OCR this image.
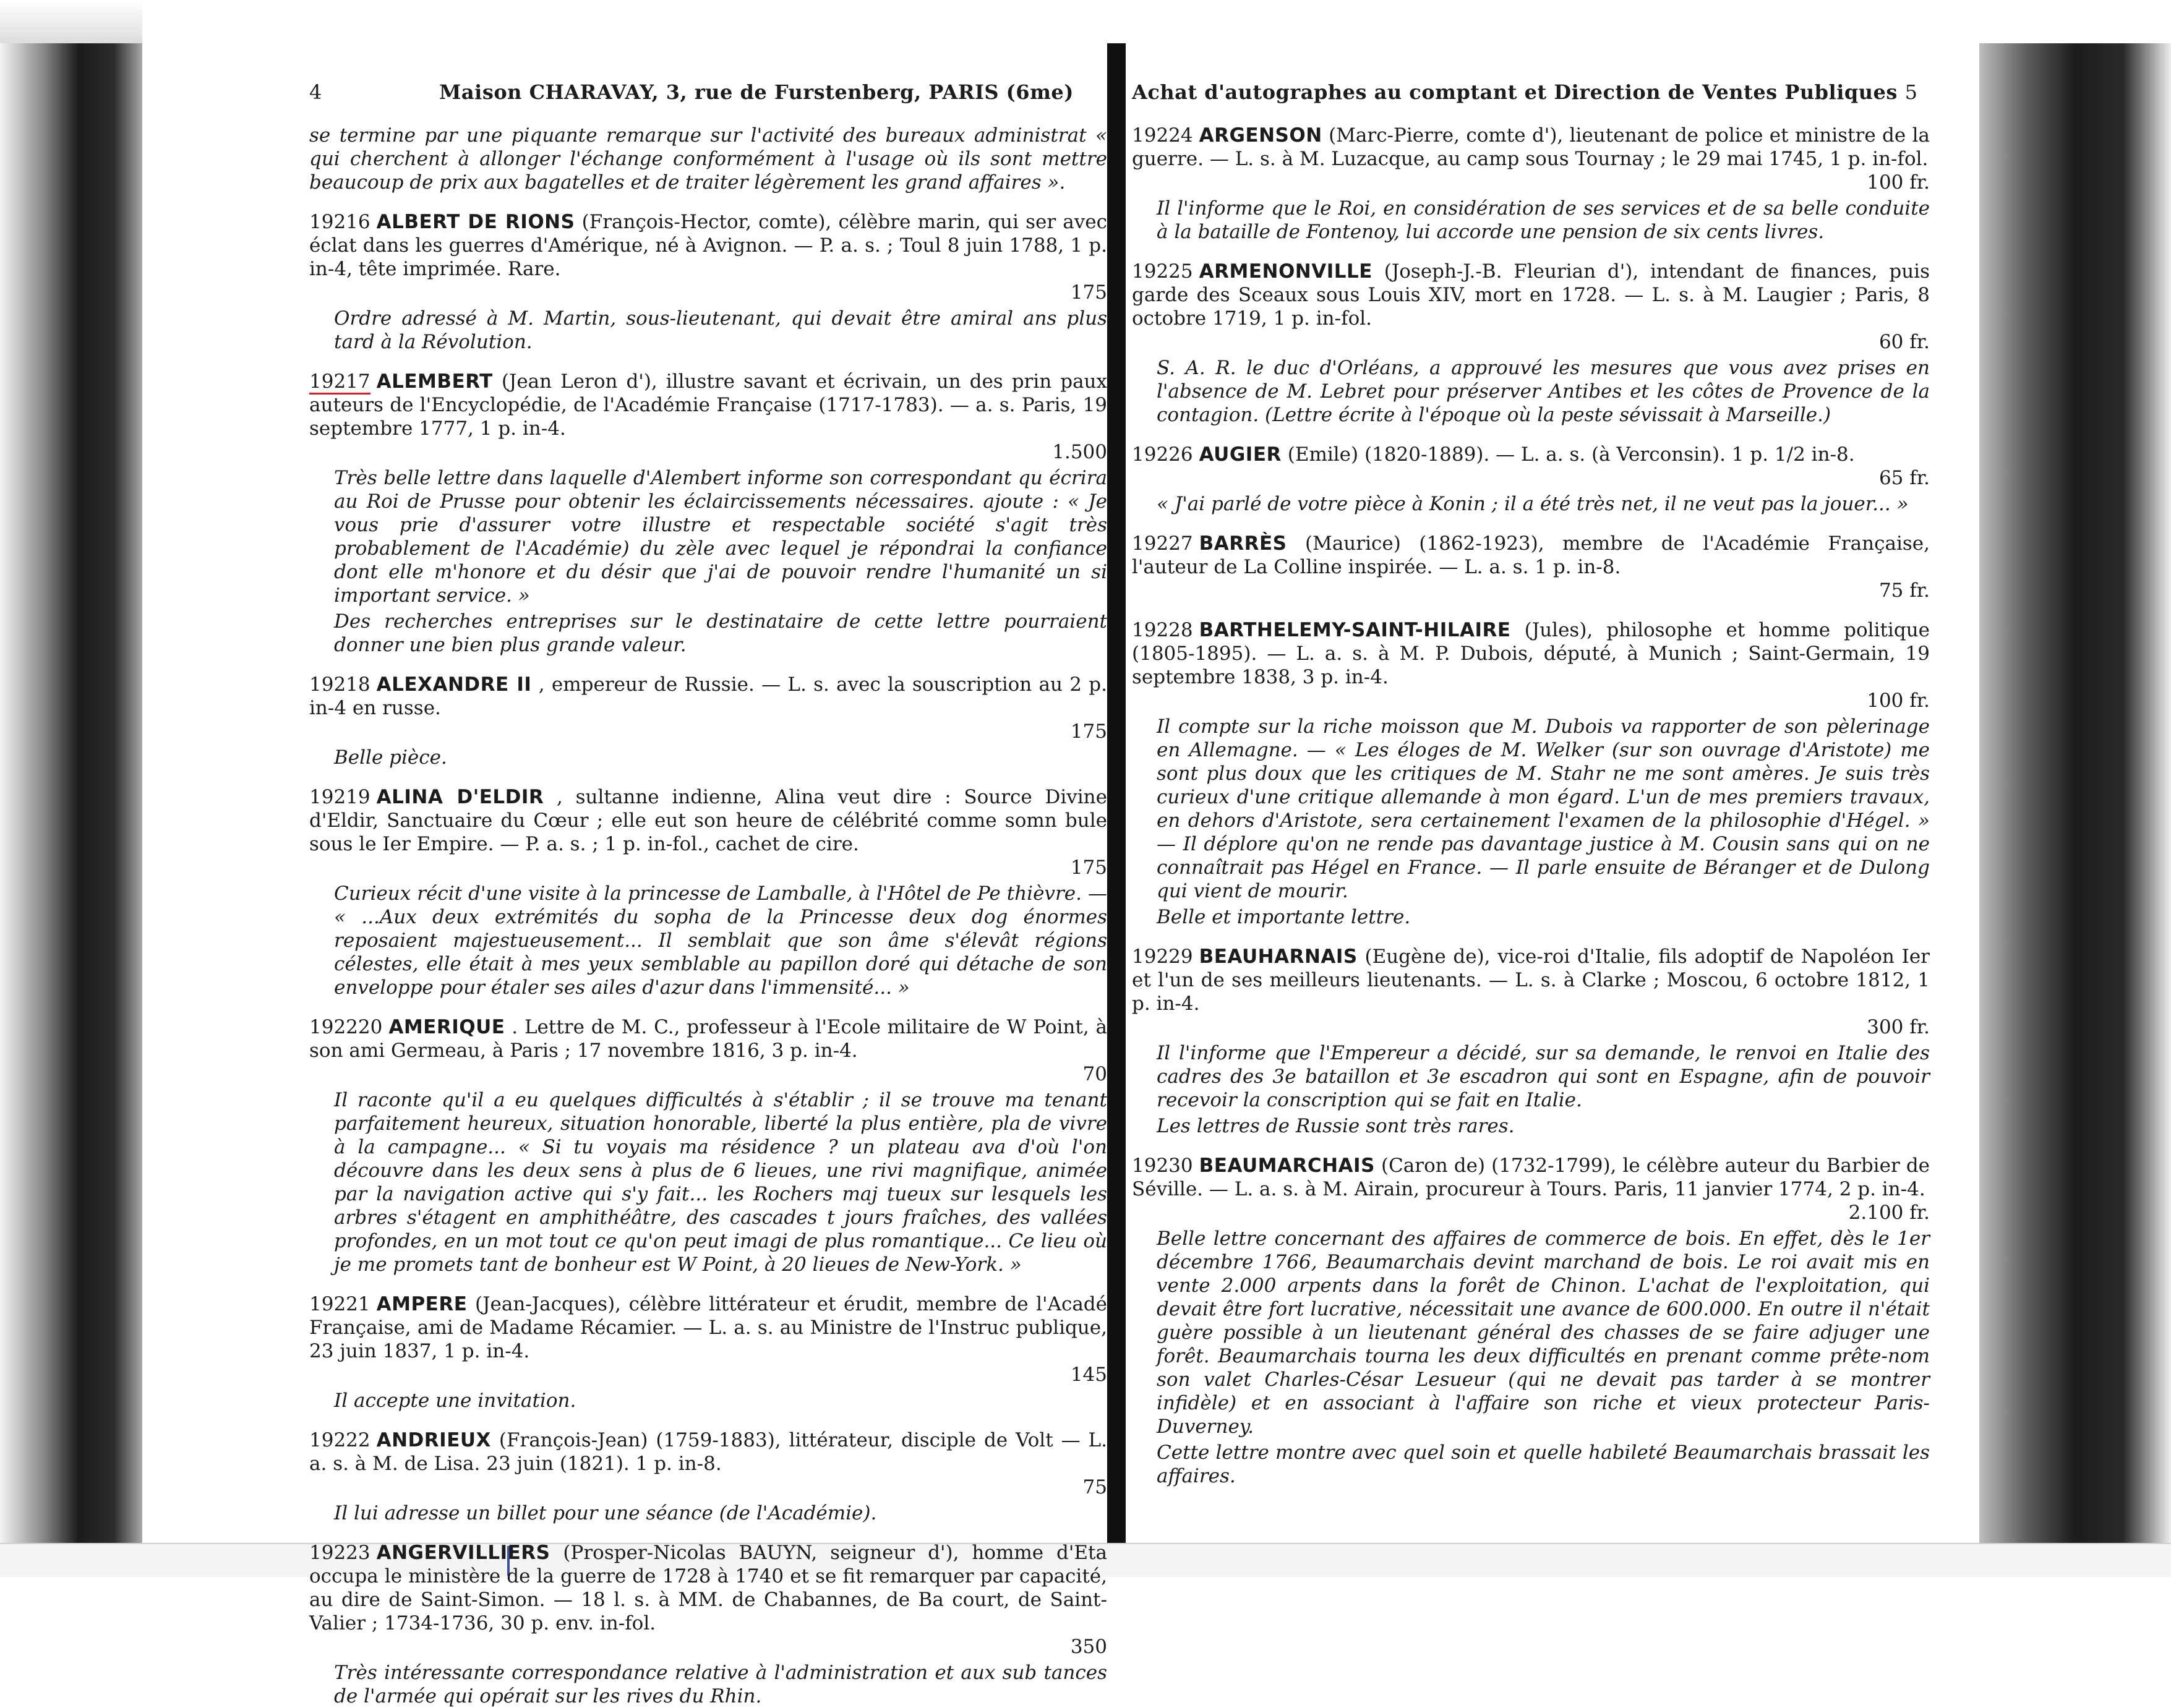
4	Maison CHARAVAY, 3, rue de Furstenberg, PARIS (6me)

se termine par une piquante remarque sur l'activité des bureaux administrat « qui cherchent à allonger l'échange conformément à l'usage où ils sont mettre beaucoup de prix aux bagatelles et de traiter légèrement les grand affaires ».

19216 ALBERT DE RIONS (François-Hector, comte), célèbre marin, qui ser avec éclat dans les guerres d'Amérique, né à Avignon. — P. a. s. ; Toul 8 juin 1788, 1 p. in-4, tête imprimée. Rare.

175

Ordre adressé à M. Martin, sous-lieutenant, qui devait être amiral ans plus tard à la Révolution.

19217 ALEMBERT (Jean Leron d'), illustre savant et écrivain, un des prin paux auteurs de l'Encyclopédie, de l'Académie Française (1717-1783). — a. s. Paris, 19 septembre 1777, 1 p. in-4.

1.500

Très belle lettre dans laquelle d'Alembert informe son correspondant qu écrira au Roi de Prusse pour obtenir les éclaircissements nécessaires. ajoute : « Je vous prie d'assurer votre illustre et respectable société s'agit très probablement de l'Académie) du zèle avec lequel je répondrai la confiance dont elle m'honore et du désir que j'ai de pouvoir rendre l'humanité un si important service. »

Des recherches entreprises sur le destinataire de cette lettre pourraient donner une bien plus grande valeur.

19218 ALEXANDRE II , empereur de Russie. — L. s. avec la souscription au 2 p. in-4 en russe.

175

Belle pièce.

19219 ALINA D'ELDIR , sultanne indienne, Alina veut dire : Source Divine d'Eldir, Sanctuaire du Cœur ; elle eut son heure de célébrité comme somn bule sous le Ier Empire. — P. a. s. ; 1 p. in-fol., cachet de cire.

175

Curieux récit d'une visite à la princesse de Lamballe, à l'Hôtel de Pe thièvre. — « ...Aux deux extrémités du sopha de la Princesse deux dog énormes reposaient majestueusement... Il semblait que son âme s'élevât régions célestes, elle était à mes yeux semblable au papillon doré qui détache de son enveloppe pour étaler ses ailes d'azur dans l'immensité... »

192220 AMERIQUE . Lettre de M. C., professeur à l'Ecole militaire de W Point, à son ami Germeau, à Paris ; 17 novembre 1816, 3 p. in-4.

70

Il raconte qu'il a eu quelques difficultés à s'établir ; il se trouve ma tenant parfaitement heureux, situation honorable, liberté la plus entière, pla de vivre à la campagne... « Si tu voyais ma résidence ? un plateau ava d'où l'on découvre dans les deux sens à plus de 6 lieues, une rivi magnifique, animée par la navigation active qui s'y fait... les Rochers maj tueux sur lesquels les arbres s'étagent en amphithéâtre, des cascades t jours fraîches, des vallées profondes, en un mot tout ce qu'on peut imagi de plus romantique... Ce lieu où je me promets tant de bonheur est W Point, à 20 lieues de New-York. »

19221 AMPERE (Jean-Jacques), célèbre littérateur et érudit, membre de l'Acadé Française, ami de Madame Récamier. — L. a. s. au Ministre de l'Instruc publique, 23 juin 1837, 1 p. in-4.

145

Il accepte une invitation.

19222 ANDRIEUX (François-Jean) (1759-1883), littérateur, disciple de Volt — L. a. s. à M. de Lisa. 23 juin (1821). 1 p. in-8.

75

Il lui adresse un billet pour une séance (de l'Académie).

19223 ANGERVILLIERS (Prosper-Nicolas BAUYN, seigneur d'), homme d'Eta occupa le ministère de la guerre de 1728 à 1740 et se fit remarquer par capacité, au dire de Saint-Simon. — 18 l. s. à MM. de Chabannes, de Ba court, de Saint-Valier ; 1734-1736, 30 p. env. in-fol.

350

Très intéressante correspondance relative à l'administration et aux sub tances de l'armée qui opérait sur les rives du Rhin.

Achat d'autographes au comptant et Direction de Ventes Publiques 5

19224 ARGENSON (Marc-Pierre, comte d'), lieutenant de police et ministre de la guerre. — L. s. à M. Luzacque, au camp sous Tournay ; le 29 mai 1745, 1 p. in-fol.

100 fr.

Il l'informe que le Roi, en considération de ses services et de sa belle conduite à la bataille de Fontenoy, lui accorde une pension de six cents livres.

19225 ARMENONVILLE (Joseph-J.-B. Fleurian d'), intendant de finances, puis garde des Sceaux sous Louis XIV, mort en 1728. — L. s. à M. Laugier ; Paris, 8 octobre 1719, 1 p. in-fol.

60 fr.

S. A. R. le duc d'Orléans, a approuvé les mesures que vous avez prises en l'absence de M. Lebret pour préserver Antibes et les côtes de Provence de la contagion. (Lettre écrite à l'époque où la peste sévissait à Marseille.)

19226 AUGIER (Emile) (1820-1889). — L. a. s. (à Verconsin). 1 p. 1/2 in-8.

65 fr.

« J'ai parlé de votre pièce à Konin ; il a été très net, il ne veut pas la jouer... »

19227 BARRÈS (Maurice) (1862-1923), membre de l'Académie Française, l'auteur de La Colline inspirée. — L. a. s. 1 p. in-8.

75 fr.

19228 BARTHELEMY-SAINT-HILAIRE (Jules), philosophe et homme politique (1805-1895). — L. a. s. à M. P. Dubois, député, à Munich ; Saint-Germain, 19 septembre 1838, 3 p. in-4.

100 fr.

Il compte sur la riche moisson que M. Dubois va rapporter de son pèlerinage en Allemagne. — « Les éloges de M. Welker (sur son ouvrage d'Aristote) me sont plus doux que les critiques de M. Stahr ne me sont amères. Je suis très curieux d'une critique allemande à mon égard. L'un de mes premiers travaux, en dehors d'Aristote, sera certainement l'examen de la philosophie d'Hégel. » — Il déplore qu'on ne rende pas davantage justice à M. Cousin sans qui on ne connaîtrait pas Hégel en France. — Il parle ensuite de Béranger et de Dulong qui vient de mourir.

Belle et importante lettre.

19229 BEAUHARNAIS (Eugène de), vice-roi d'Italie, fils adoptif de Napoléon Ier et l'un de ses meilleurs lieutenants. — L. s. à Clarke ; Moscou, 6 octobre 1812, 1 p. in-4.

300 fr.

Il l'informe que l'Empereur a décidé, sur sa demande, le renvoi en Italie des cadres des 3e bataillon et 3e escadron qui sont en Espagne, afin de pouvoir recevoir la conscription qui se fait en Italie.

Les lettres de Russie sont très rares.

19230 BEAUMARCHAIS (Caron de) (1732-1799), le célèbre auteur du Barbier de Séville. — L. a. s. à M. Airain, procureur à Tours. Paris, 11 janvier 1774, 2 p. in-4.

2.100 fr.

Belle lettre concernant des affaires de commerce de bois. En effet, dès le 1er décembre 1766, Beaumarchais devint marchand de bois. Le roi avait mis en vente 2.000 arpents dans la forêt de Chinon. L'achat de l'exploitation, qui devait être fort lucrative, nécessitait une avance de 600.000. En outre il n'était guère possible à un lieutenant général des chasses de se faire adjuger une forêt. Beaumarchais tourna les deux difficultés en prenant comme prête-nom son valet Charles-César Lesueur (qui ne devait pas tarder à se montrer infidèle) et en associant à l'affaire son riche et vieux protecteur Paris-Duverney.

Cette lettre montre avec quel soin et quelle habileté Beaumarchais brassait les affaires.
